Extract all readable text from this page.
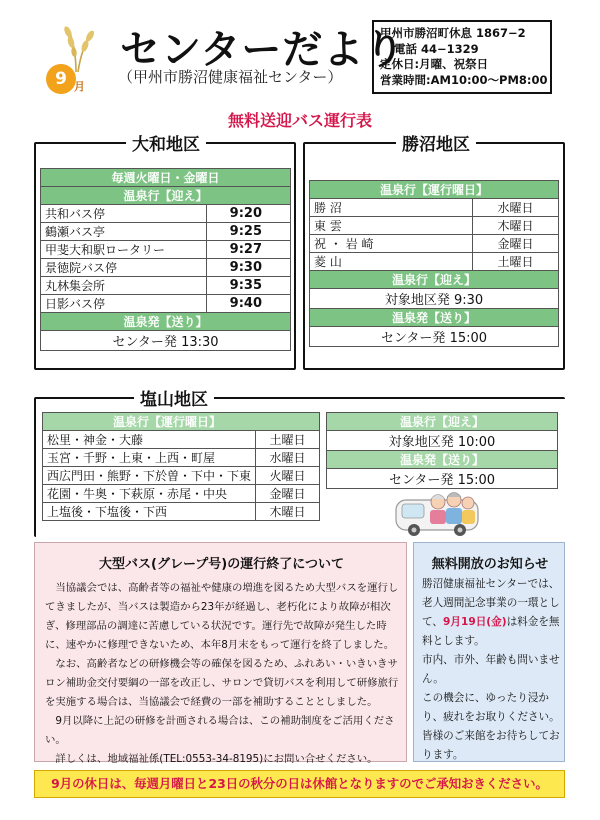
9 月
センターだより
（甲州市勝沼健康福祉センター）
甲州市勝沼町休息 1867−2
電話 44−1329
定休日:月曜、祝祭日
営業時間:AM10:00〜PM8:00
無料送迎バス運行表
大和地区
毎週火曜日・金曜日	
温泉行【迎え】	
共和バス停	9:20
鶴瀬バス亭	9:25
甲斐大和駅ロータリー	9:27
景徳院バス停	9:30
丸林集会所	9:35
日影バス停	9:40
温泉発【送り】	
センター発 13:30	
勝沼地区
温泉行【運行曜日】	
勝 沼	水曜日
東 雲	木曜日
祝 ・ 岩 崎	金曜日
菱 山	土曜日
温泉行【迎え】	
対象地区発 9:30	
温泉発【送り】	
センター発 15:00	
塩山地区
温泉行【運行曜日】	
松里・神金・大藤	土曜日
玉宮・千野・上東・上西・町屋	水曜日
西広門田・熊野・下於曽・下中・下東	火曜日
花園・牛奥・下萩原・赤尾・中央	金曜日
上塩後・下塩後・下西	木曜日
温泉行【迎え】
対象地区発 10:00
温泉発【送り】
センター発 15:00
大型バス(グレープ号)の運行終了について

　当協議会では、高齢者等の福祉や健康の増進を図るため大型バスを運行してきましたが、当バスは製造から23年が経過し、老朽化により故障が相次ぎ、修理部品の調達に苦慮している状況です。運行先で故障が発生した時に、速やかに修理できないため、本年8月末をもって運行を終了しました。

　なお、高齢者などの研修機会等の確保を図るため、ふれあい・いきいきサロン補助金交付要綱の一部を改正し、サロンで貸切バスを利用して研修旅行を実施する場合は、当協議会で経費の一部を補助することとしました。

　9月以降に上記の研修を計画される場合は、この補助制度をご活用ください。

　詳しくは、地域福祉係(TEL:0553-34-8195)にお問い合せください。

無料開放のお知らせ

勝沼健康福祉センターでは、老人週間記念事業の一環として、9月19日(金)は料金を無料とします。

市内、市外、年齢も問いません。

この機会に、ゆったり浸かり、疲れをお取りください。

皆様のご来館をお待ちしております。

9月の休日は、毎週月曜日と23日の秋分の日は休館となりますのでご承知おきください。
